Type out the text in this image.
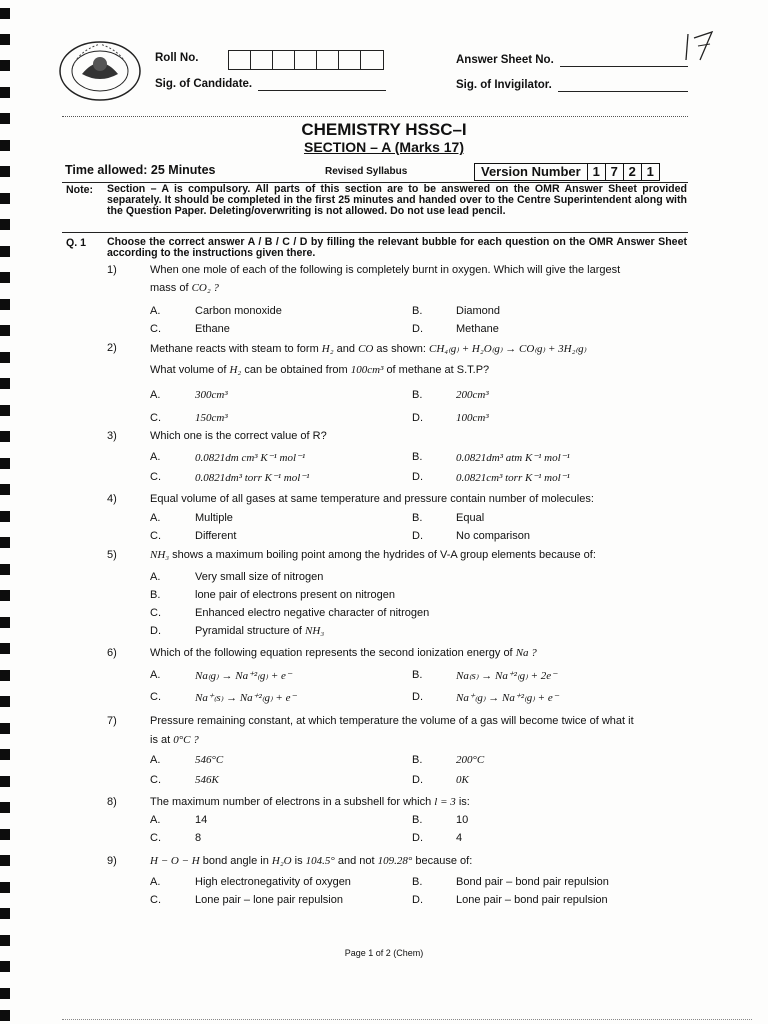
Roll No.
Sig. of Candidate.
Answer Sheet No.
Sig. of Invigilator.
CHEMISTRY HSSC–I
SECTION – A (Marks 17)
Time allowed: 25 Minutes	Revised Syllabus	Version Number 1 7 2 1
Note: Section – A is compulsory. All parts of this section are to be answered on the OMR Answer Sheet provided separately. It should be completed in the first 25 minutes and handed over to the Centre Superintendent along with the Question Paper. Deleting/overwriting is not allowed. Do not use lead pencil.
Q. 1 Choose the correct answer A / B / C / D by filling the relevant bubble for each question on the OMR Answer Sheet according to the instructions given there.
1)	When one mole of each of the following is completely burnt in oxygen. Which will give the largest
mass of CO₂ ?
A.	Carbon monoxide	B.	Diamond
C.	Ethane	D.	Methane
2)	Methane reacts with steam to form H₂ and CO as shown: CH₄₍g₎ + H₂O₍g₎ → CO₍g₎ + 3H₂₍g₎
What volume of H₂ can be obtained from 100cm³ of methane at S.T.P?
A.	300cm³	B.	200cm³
C.	150cm³	D.	100cm³
3)	Which one is the correct value of R?
A.	0.0821dm cm³ K⁻¹ mol⁻¹	B.	0.0821dm³ atm K⁻¹ mol⁻¹
C.	0.0821dm³ torr K⁻¹ mol⁻¹	D.	0.0821cm³ torr K⁻¹ mol⁻¹
4)	Equal volume of all gases at same temperature and pressure contain number of molecules:
A.	Multiple	B.	Equal
C.	Different	D.	No comparison
5)	NH₃ shows a maximum boiling point among the hydrides of V-A group elements because of:
A.	Very small size of nitrogen
B.	lone pair of electrons present on nitrogen
C.	Enhanced electro negative character of nitrogen
D.	Pyramidal structure of NH₃
6)	Which of the following equation represents the second ionization energy of Na ?
A.	Na₍g₎ → Na⁺²₍g₎ + e⁻	B.	Na₍s₎ → Na⁺²₍g₎ + 2e⁻
C.	Na⁺₍s₎ → Na⁺²₍g₎ + e⁻	D.	Na⁺₍g₎ → Na⁺²₍g₎ + e⁻
7)	Pressure remaining constant, at which temperature the volume of a gas will become twice of what it
is at 0°C ?
A.	546°C	B.	200°C
C.	546K	D.	0K
8)	The maximum number of electrons in a subshell for which l = 3 is:
A.	14	B.	10
C.	8	D.	4
9)	H − O − H bond angle in H₂O is 104.5° and not 109.28° because of:
A.	High electronegativity of oxygen	B.	Bond pair – bond pair repulsion
C.	Lone pair – lone pair repulsion	D.	Lone pair – bond pair repulsion
Page 1 of 2 (Chem)
